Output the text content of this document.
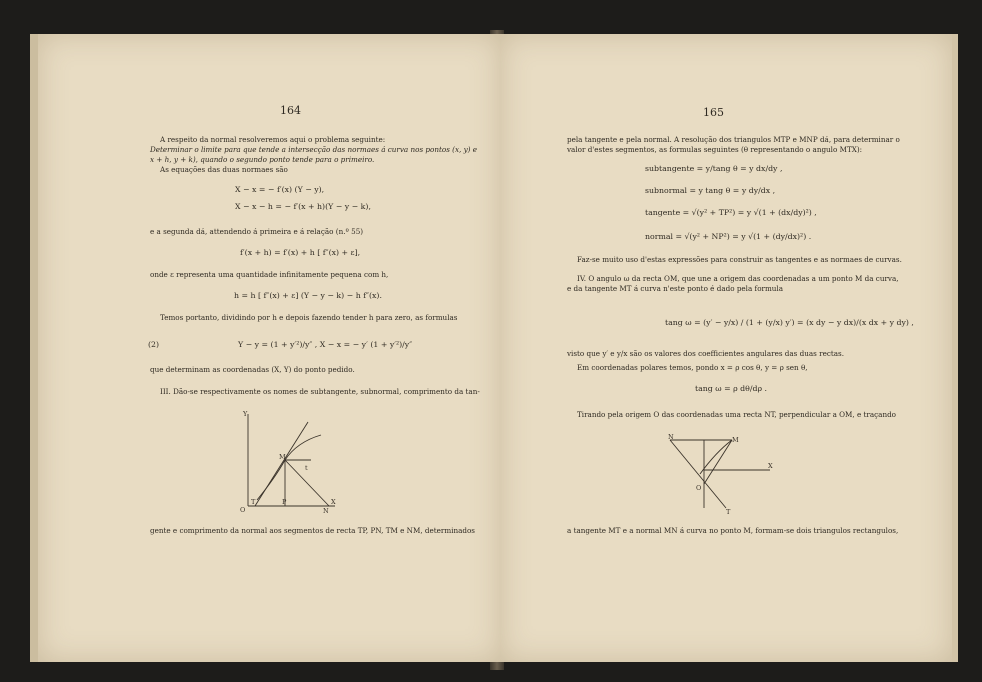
164
A respeito da normal resolveremos aqui o problema seguinte:
Determinar o limite para que tende a intersecção das normaes á curva nos pontos (x, y) e
x + h, y + k), quando o segundo ponto tende para o primeiro.
As equações das duas normaes são
X − x = − f′(x) (Y − y),
X − x − h = − f′(x + h)(Y − y − k),
e a segunda dá, attendendo á primeira e á relação (n.º 55)
f′(x + h) = f′(x) + h [ f″(x) + ε],
onde ε representa uma quantidade infinitamente pequena com h,
h = h [ f″(x) + ε] (Y − y − k) − h f″(x).
Temos portanto, dividindo por h e depois fazendo tender h para zero, as formulas
(2)	Y − y = (1 + y′²)/y″ , X − x = − y′ (1 + y′²)/y″
que determinam as coordenadas (X, Y) do ponto pedido.
III. Dão-se respectivamente os nomes de subtangente, subnormal, comprimento da tan-
Y
M
T	P
N
X
O
t
gente e comprimento da normal aos segmentos de recta TP, PN, TM e NM, determinados
165
pela tangente e pela normal. A resolução dos triangulos MTP e MNP dá, para determinar o
valor d'estes segmentos, as formulas seguintes (θ representando o angulo MTX):
subtangente = y/tang θ = y dx/dy ,
subnormal = y tang θ = y dy/dx ,
tangente = √(y² + TP²) = y √(1 + (dx/dy)²) ,
normal = √(y² + NP²) = y √(1 + (dy/dx)²) .
Faz-se muito uso d'estas expressões para construir as tangentes e as normaes de curvas.
IV. O angulo ω da recta OM, que une a origem das coordenadas a um ponto M da curva,
e da tangente MT á curva n'este ponto é dado pela formula
tang ω = (y′ − y/x) / (1 + (y/x) y′) = (x dy − y dx)/(x dx + y dy) ,
visto que y′ e y/x são os valores dos coefficientes angulares das duas rectas.
Em coordenadas polares temos, pondo x = ρ cos θ, y = ρ sen θ,
tang ω = ρ dθ/dρ .
Tirando pela origem O das coordenadas uma recta NT, perpendicular a OM, e traçando
N	M
X
O
T
a tangente MT e a normal MN á curva no ponto M, formam-se dois triangulos rectangulos,
